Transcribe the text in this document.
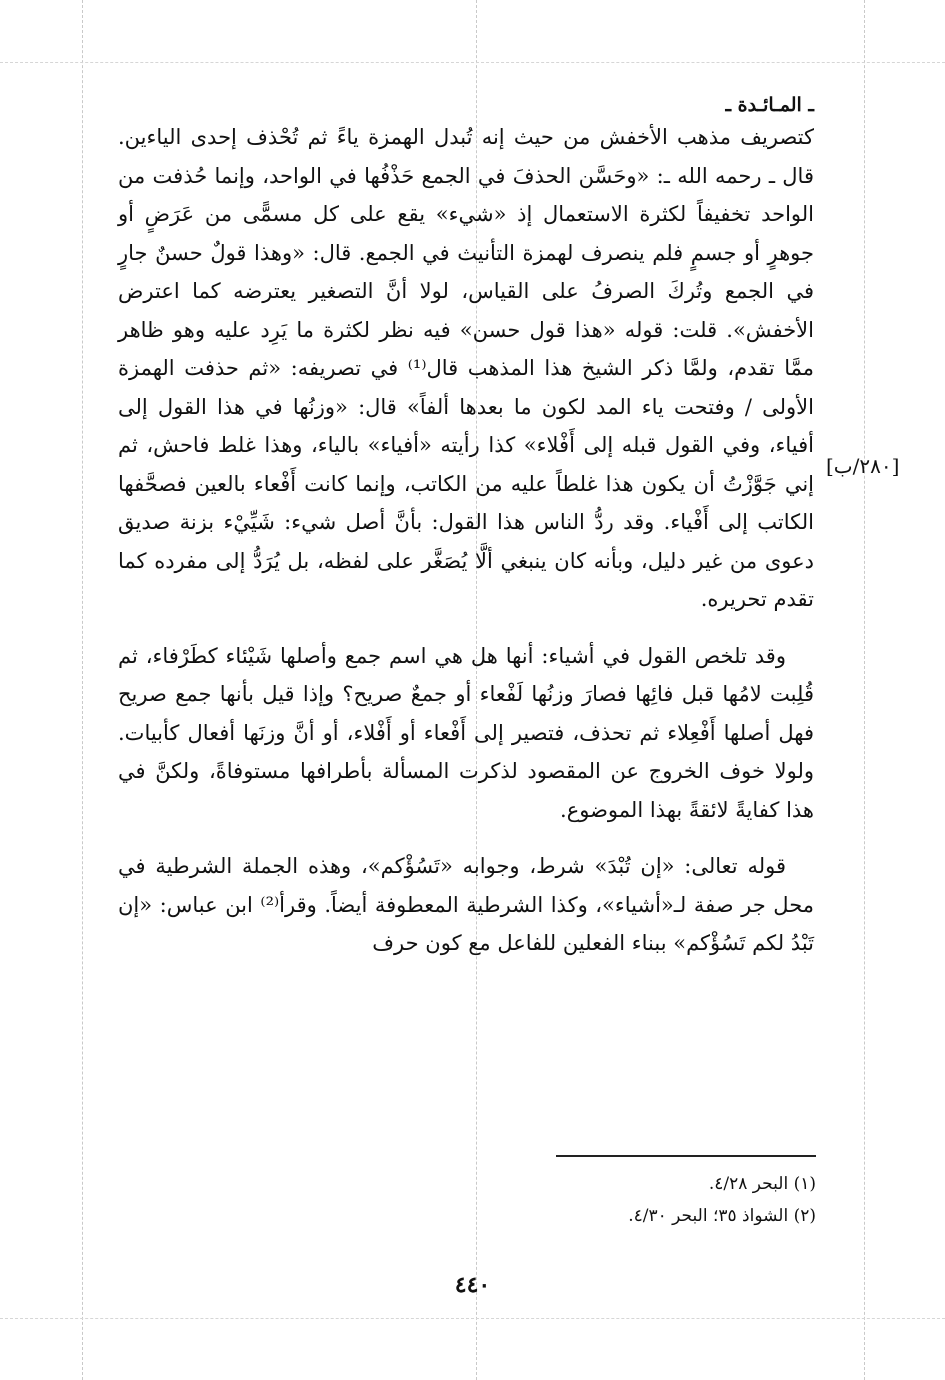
ـ المـائـدة ـ

كتصريف مذهب الأخفش من حيث إنه تُبدل الهمزة ياءً ثم تُحْذف إحدى الياءين. قال ـ رحمه الله ـ: «وحَسَّن الحذفَ في الجمع حَذْفُها في الواحد، وإنما حُذفت من الواحد تخفيفاً لكثرة الاستعمال إذ «شيء» يقع على كل مسمًّى من عَرَضٍ أو جوهرٍ أو جسمٍ فلم ينصرف لهمزة التأنيث في الجمع. قال: «وهذا قولٌ حسنٌ جارٍ في الجمع وتُركَ الصرفُ على القياس، لولا أنَّ التصغير يعترضه كما اعترض الأخفش». قلت: قوله «هذا قول حسن» فيه نظر لكثرة ما يَرِد عليه وهو ظاهر ممَّا تقدم، ولمَّا ذكر الشيخ هذا المذهب قال⁽¹⁾ في تصريفه: «ثم حذفت الهمزة الأولى / وفتحت ياء المد لكون ما بعدها ألفاً» قال: «وزنُها في هذا القول إلى أفياء، وفي القول قبله إلى أَفْلاء» كذا رأيته «أفياء» بالياء، وهذا غلط فاحش، ثم إني جَوَّزْتُ أن يكون هذا غلطاً عليه من الكاتب، وإنما كانت أَفْعاء بالعين فصحَّفها الكاتب إلى أَفْياء. وقد ردُّ الناس هذا القول: بأنَّ أصل شيء: شَيِّيْء بزنة صديق دعوى من غير دليل، وبأنه كان ينبغي ألَّا يُصَغَّر على لفظه، بل يُرَدُّ إلى مفرده كما تقدم تحريره.

وقد تلخص القول في أشياء: أنها هل هي اسم جمع وأصلها شَيْئاء كطَرْفاء، ثم قُلِبت لامُها قبل فائِها فصارَ وزنُها لَفْعاء أو جمعٌ صريح؟ وإذا قيل بأنها جمع صريح فهل أصلها أَفْعِلاء ثم تحذف، فتصير إلى أَفْعاء أو أَفْلاء، أو أنَّ وزنَها أفعال كأبيات. ولولا خوف الخروج عن المقصود لذكرت المسألة بأطرافها مستوفاةً، ولكنَّ في هذا كفايةً لائقةً بهذا الموضوع.

قوله تعالى: «إن تُبْدَ» شرط، وجوابه «تَسُؤْكم»، وهذه الجملة الشرطية في محل جر صفة لـ«أشياء»، وكذا الشرطية المعطوفة أيضاً. وقرأ⁽²⁾ ابن عباس: «إن تَبْدُ لكم تَسُؤْكم» ببناء الفعلين للفاعل مع كون حرف

[٢٨٠/ب]
(١) البحر ٤/٢٨.
(٢) الشواذ ٣٥؛ البحر ٤/٣٠.
٤٤٠
